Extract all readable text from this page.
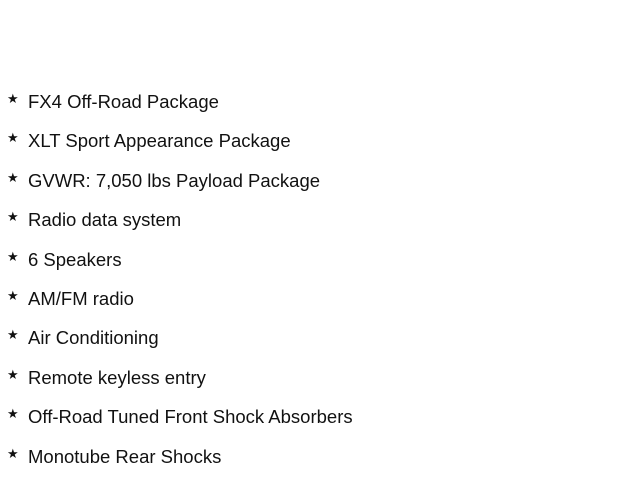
★ FX4 Off-Road Package
★ XLT Sport Appearance Package
★ GVWR: 7,050 lbs Payload Package
★ Radio data system
★ 6 Speakers
★ AM/FM radio
★ Air Conditioning
★ Remote keyless entry
★ Off-Road Tuned Front Shock Absorbers
★ Monotube Rear Shocks
